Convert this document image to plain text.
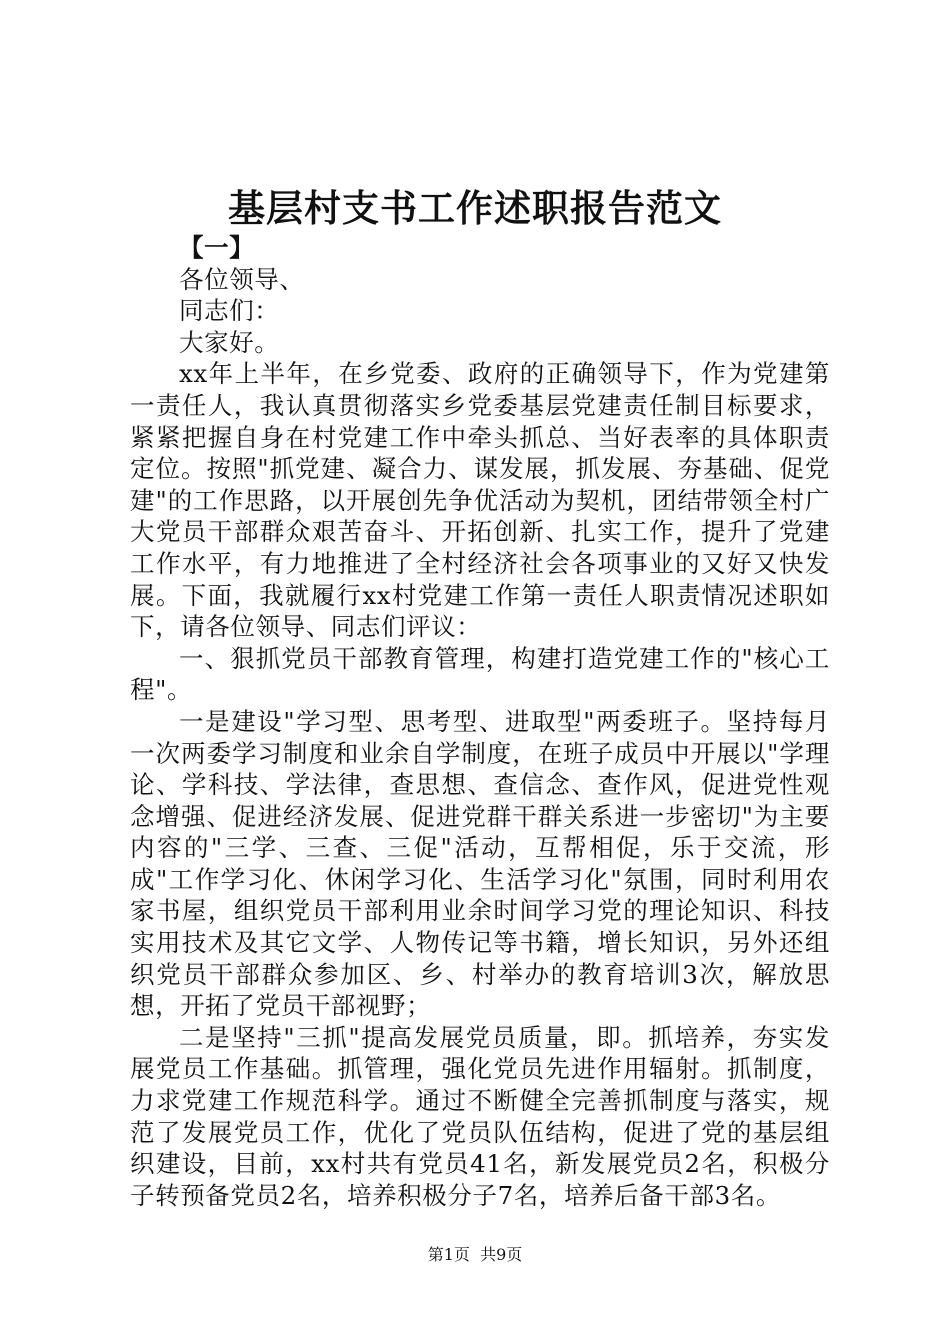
基层村支书工作述职报告范文

【一】

各位领导、

同志们：

大家好。

xx年上半年，在乡党委、政府的正确领导下，作为党建第一责任人，我认真贯彻落实乡党委基层党建责任制目标要求，紧紧把握自身在村党建工作中牵头抓总、当好表率的具体职责定位。按照"抓党建、凝合力、谋发展，抓发展、夯基础、促党建"的工作思路，以开展创先争优活动为契机，团结带领全村广大党员干部群众艰苦奋斗、开拓创新、扎实工作，提升了党建工作水平，有力地推进了全村经济社会各项事业的又好又快发展。下面，我就履行xx村党建工作第一责任人职责情况述职如下，请各位领导、同志们评议：

一、狠抓党员干部教育管理，构建打造党建工作的"核心工程"。

一是建设"学习型、思考型、进取型"两委班子。坚持每月一次两委学习制度和业余自学制度，在班子成员中开展以"学理论、学科技、学法律，查思想、查信念、查作风，促进党性观念增强、促进经济发展、促进党群干群关系进一步密切"为主要内容的"三学、三查、三促"活动，互帮相促，乐于交流，形成"工作学习化、休闲学习化、生活学习化"氛围，同时利用农家书屋，组织党员干部利用业余时间学习党的理论知识、科技实用技术及其它文学、人物传记等书籍，增长知识，另外还组织党员干部群众参加区、乡、村举办的教育培训3次，解放思想，开拓了党员干部视野；

二是坚持"三抓"提高发展党员质量，即。抓培养，夯实发展党员工作基础。抓管理，强化党员先进作用辐射。抓制度，力求党建工作规范科学。通过不断健全完善抓制度与落实，规范了发展党员工作，优化了党员队伍结构，促进了党的基层组织建设，目前，xx村共有党员41名，新发展党员2名，积极分子转预备党员2名，培养积极分子7名，培养后备干部3名。

第1页  共9页
